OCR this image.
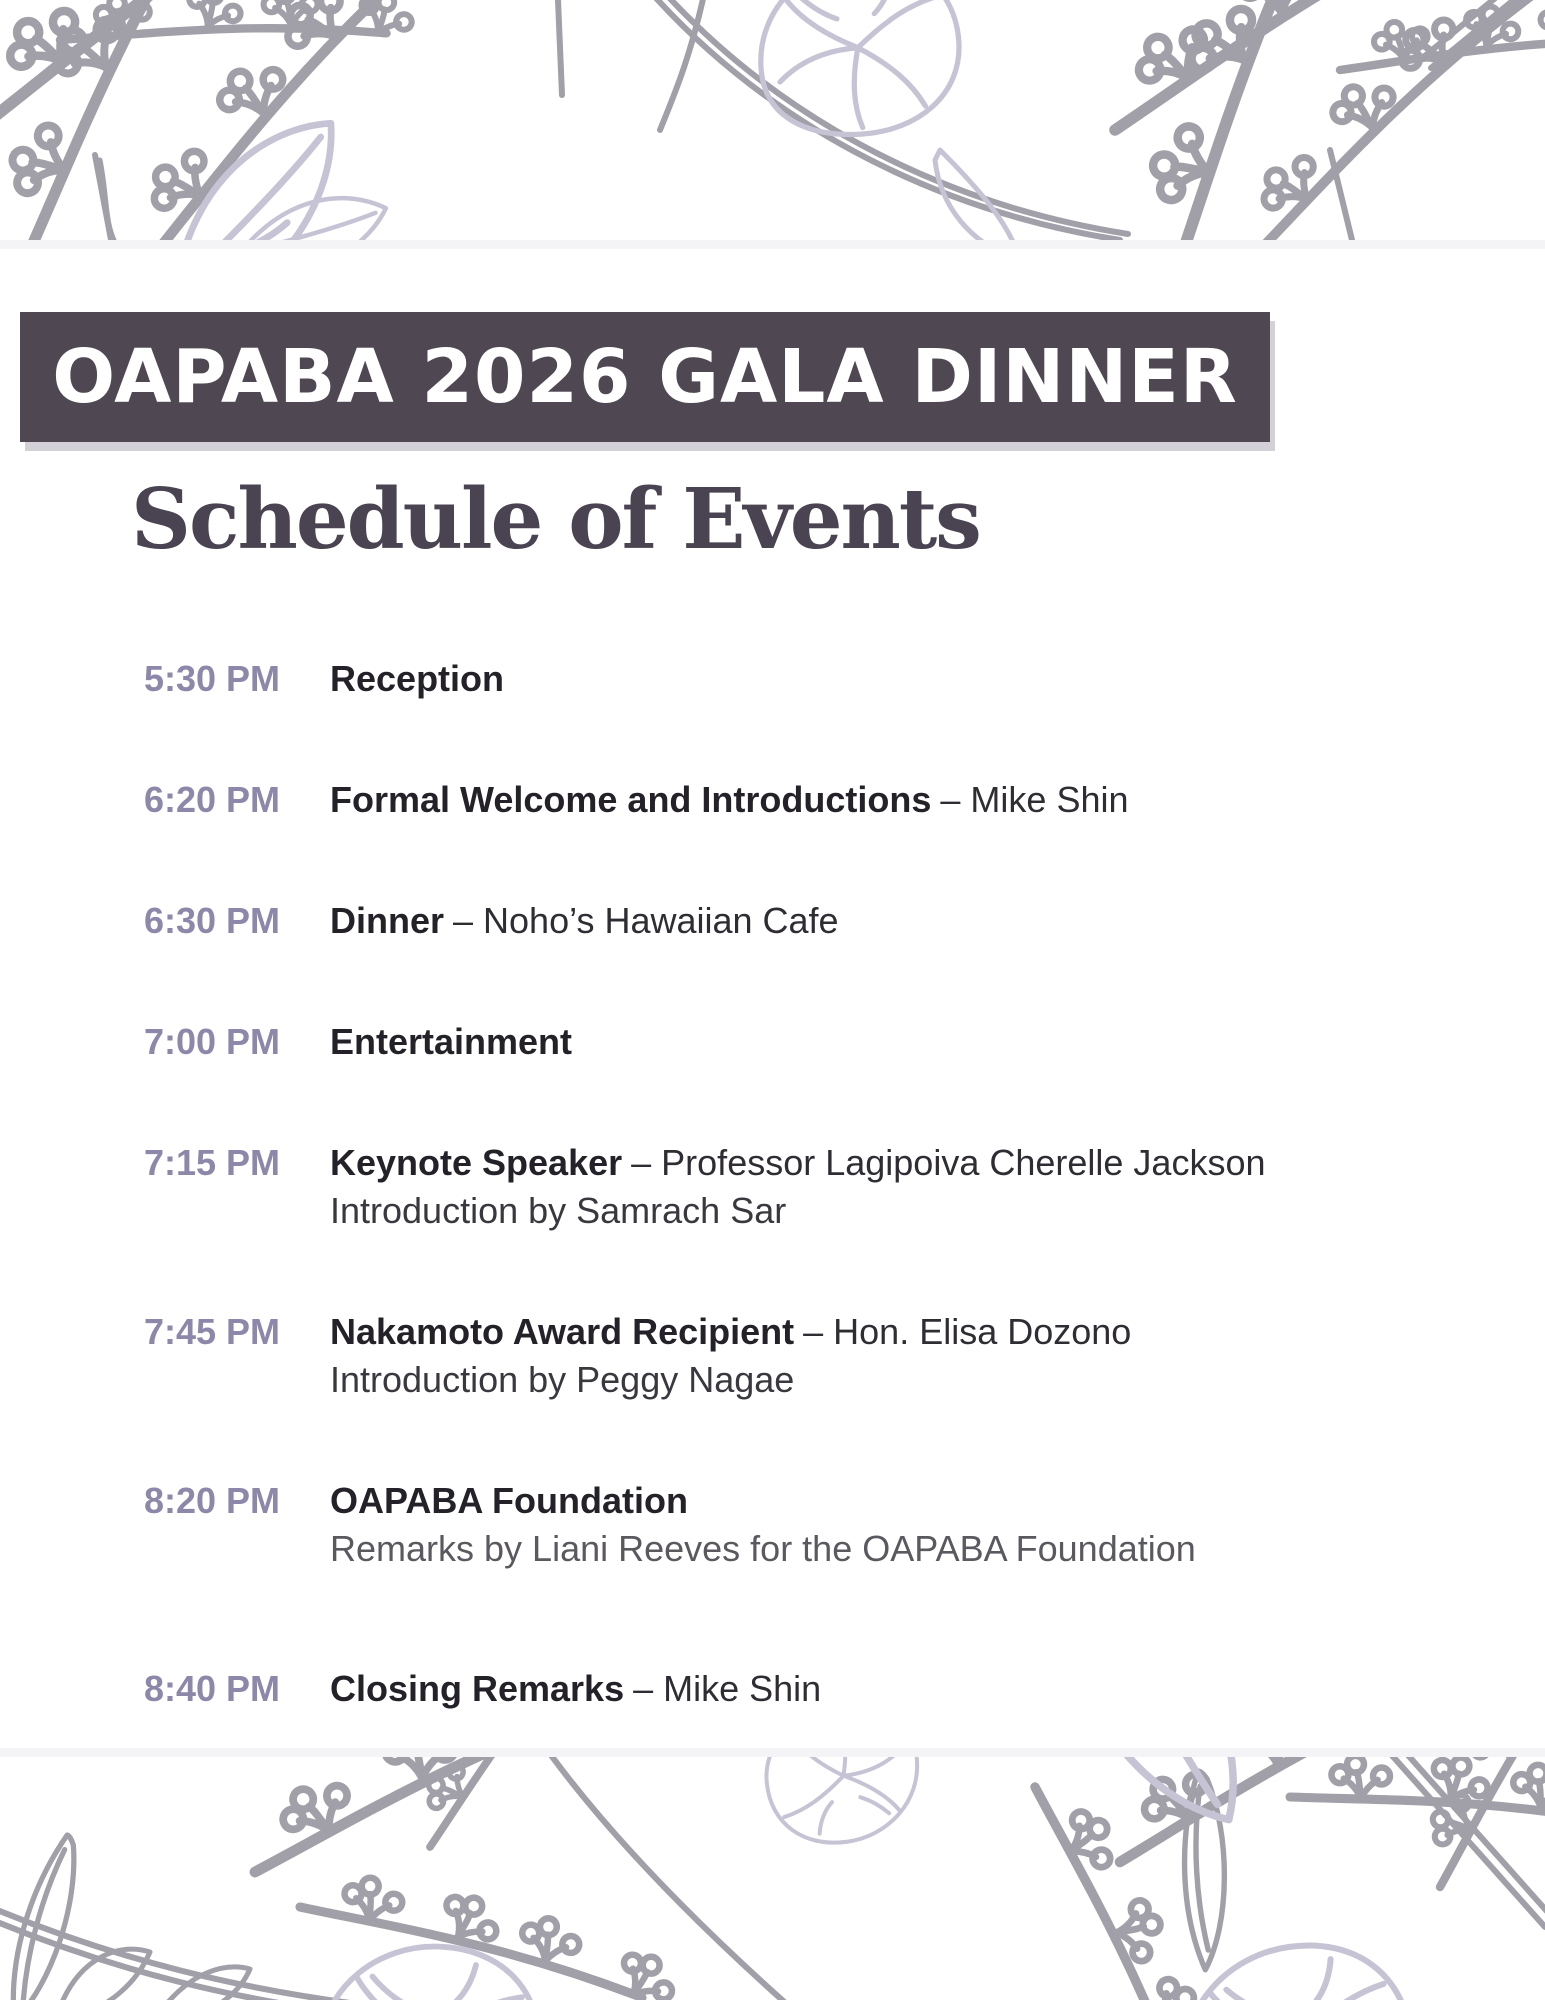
OAPABA 2026 GALA DINNER
Schedule of Events
5:30 PM Reception
6:20 PM Formal Welcome and Introductions – Mike Shin
6:30 PM Dinner – Noho’s Hawaiian Cafe
7:00 PM Entertainment
7:15 PM Keynote Speaker – Professor Lagipoiva Cherelle Jackson
Introduction by Samrach Sar
7:45 PM Nakamoto Award Recipient – Hon. Elisa Dozono
Introduction by Peggy Nagae
8:20 PM OAPABA Foundation
Remarks by Liani Reeves for the OAPABA Foundation
8:40 PM Closing Remarks – Mike Shin
